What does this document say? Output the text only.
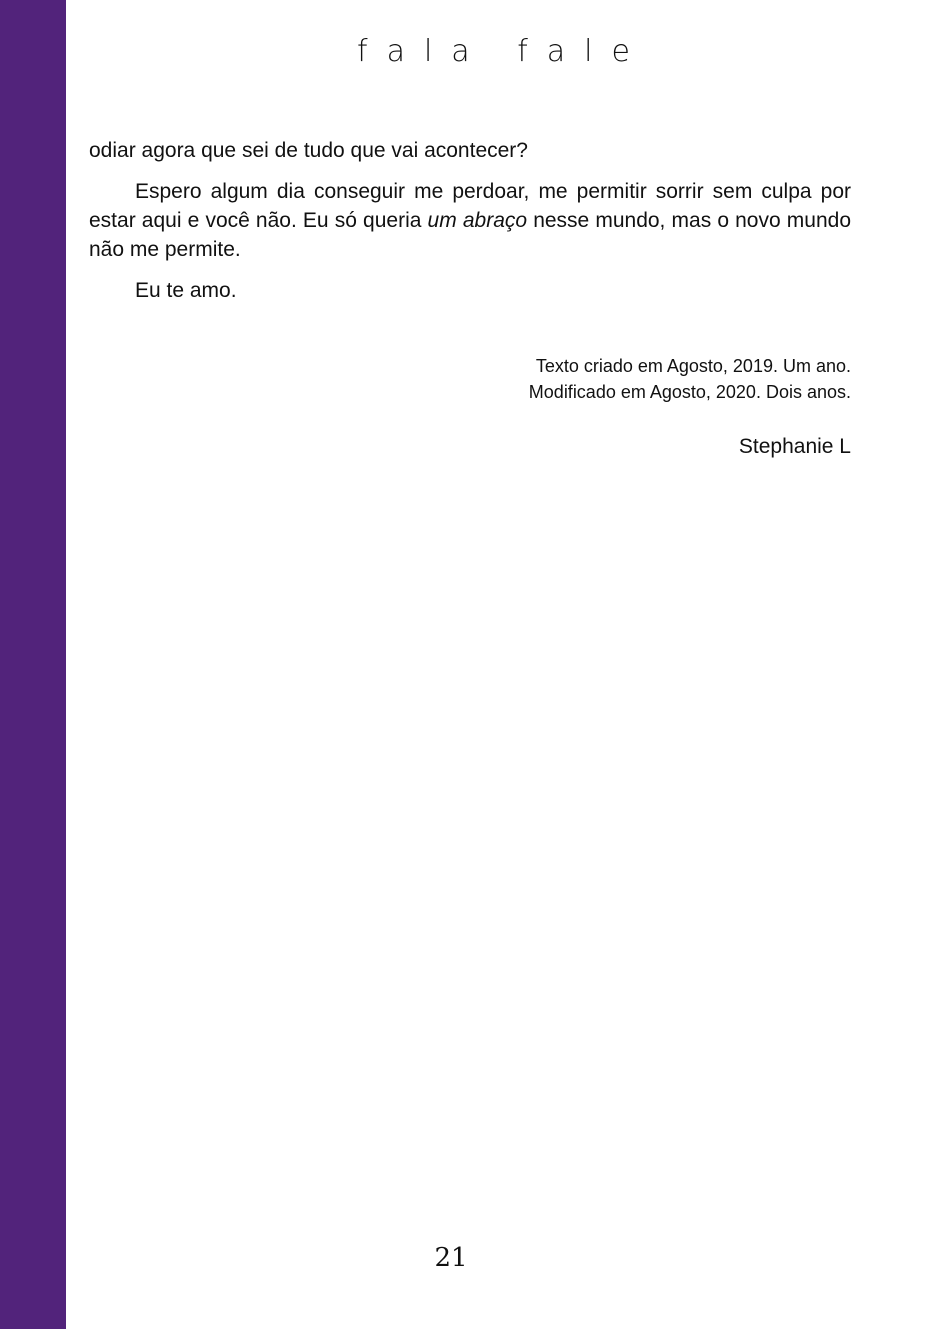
fala fale

odiar agora que sei de tudo que vai acontecer?

Espero algum dia conseguir me perdoar, me permitir sorrir sem culpa por estar aqui e você não. Eu só queria um abraço nesse mundo, mas o novo mundo não me permite.

Eu te amo.

Texto criado em Agosto, 2019. Um ano.
Modificado em Agosto, 2020. Dois anos.
Stephanie L
21
